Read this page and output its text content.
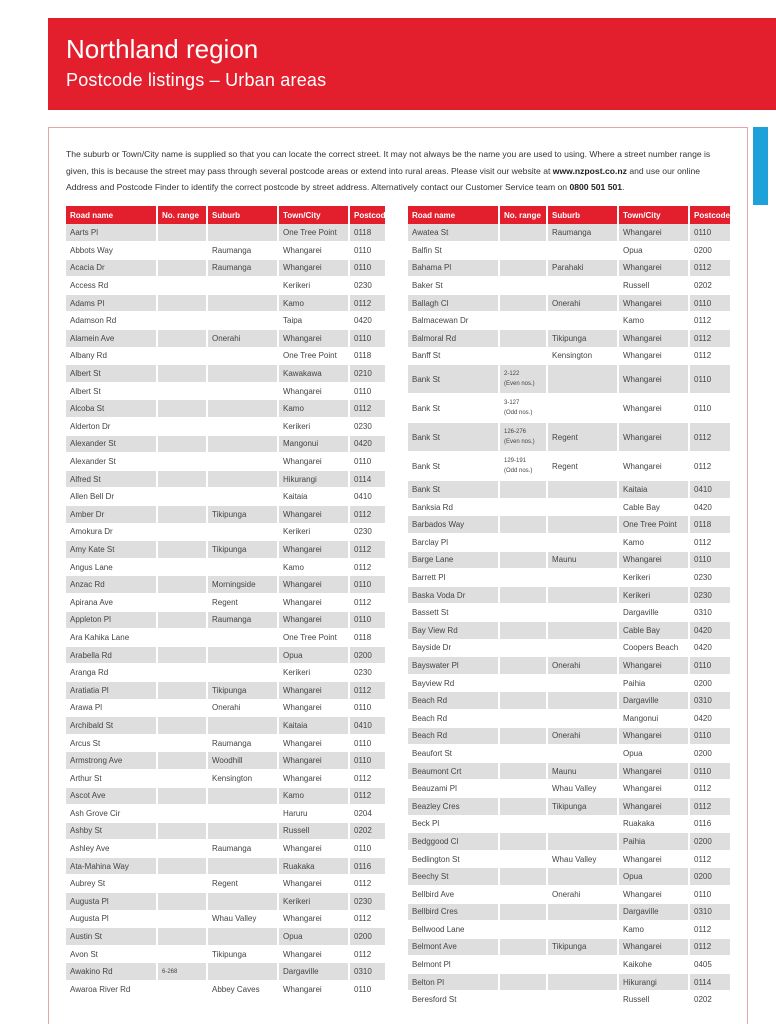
Northland region
Postcode listings – Urban areas
The suburb or Town/City name is supplied so that you can locate the correct street. It may not always be the name you are used to using. Where a street number range is given, this is because the street may pass through several postcode areas or extend into rural areas. Please visit our website at www.nzpost.co.nz and use our online Address and Postcode Finder to identify the correct postcode by street address. Alternatively contact our Customer Service team on 0800 501 501.
Road name	No. range	Suburb	Town/City	Postcode
Aarts Pl			One Tree Point	0118
Abbots Way		Raumanga	Whangarei	0110
Acacia Dr		Raumanga	Whangarei	0110
Access Rd			Kerikeri	0230
Adams Pl			Kamo	0112
Adamson Rd			Taipa	0420
Alamein Ave		Onerahi	Whangarei	0110
Albany Rd			One Tree Point	0118
Albert St			Kawakawa	0210
Albert St			Whangarei	0110
Alcoba St			Kamo	0112
Alderton Dr			Kerikeri	0230
Alexander St			Mangonui	0420
Alexander St			Whangarei	0110
Alfred St			Hikurangi	0114
Allen Bell Dr			Kaitaia	0410
Amber Dr		Tikipunga	Whangarei	0112
Amokura Dr			Kerikeri	0230
Amy Kate St		Tikipunga	Whangarei	0112
Angus Lane			Kamo	0112
Anzac Rd		Morningside	Whangarei	0110
Apirana Ave		Regent	Whangarei	0112
Appleton Pl		Raumanga	Whangarei	0110
Ara Kahika Lane			One Tree Point	0118
Arabella Rd			Opua	0200
Aranga Rd			Kerikeri	0230
Aratiatia Pl		Tikipunga	Whangarei	0112
Arawa Pl		Onerahi	Whangarei	0110
Archibald St			Kaitaia	0410
Arcus St		Raumanga	Whangarei	0110
Armstrong Ave		Woodhill	Whangarei	0110
Arthur St		Kensington	Whangarei	0112
Ascot Ave			Kamo	0112
Ash Grove Cir			Haruru	0204
Ashby St			Russell	0202
Ashley Ave		Raumanga	Whangarei	0110
Ata-Mahina Way			Ruakaka	0116
Aubrey St		Regent	Whangarei	0112
Augusta Pl			Kerikeri	0230
Augusta Pl		Whau Valley	Whangarei	0112
Austin St			Opua	0200
Avon St		Tikipunga	Whangarei	0112
Awakino Rd	6-268		Dargaville	0310
Awaroa River Rd		Abbey Caves	Whangarei	0110
Road name	No. range	Suburb	Town/City	Postcode
Awatea St		Raumanga	Whangarei	0110
Balfin St			Opua	0200
Bahama Pl		Parahaki	Whangarei	0112
Baker St			Russell	0202
Ballagh Cl		Onerahi	Whangarei	0110
Balmacewan Dr			Kamo	0112
Balmoral Rd		Tikipunga	Whangarei	0112
Banff St		Kensington	Whangarei	0112
Bank St	2-122
(Even nos.)		Whangarei	0110
Bank St	3-127
(Odd nos.)		Whangarei	0110
Bank St	126-276
(Even nos.)	Regent	Whangarei	0112
Bank St	129-191
(Odd nos.)	Regent	Whangarei	0112
Bank St			Kaitaia	0410
Banksia Rd			Cable Bay	0420
Barbados Way			One Tree Point	0118
Barclay Pl			Kamo	0112
Barge Lane		Maunu	Whangarei	0110
Barrett Pl			Kerikeri	0230
Baska Voda Dr			Kerikeri	0230
Bassett St			Dargaville	0310
Bay View Rd			Cable Bay	0420
Bayside Dr			Coopers Beach	0420
Bayswater Pl		Onerahi	Whangarei	0110
Bayview Rd			Paihia	0200
Beach Rd			Dargaville	0310
Beach Rd			Mangonui	0420
Beach Rd		Onerahi	Whangarei	0110
Beaufort St			Opua	0200
Beaumont Crt		Maunu	Whangarei	0110
Beauzami Pl		Whau Valley	Whangarei	0112
Beazley Cres		Tikipunga	Whangarei	0112
Beck Pl			Ruakaka	0116
Bedggood Cl			Paihia	0200
Bedlington St		Whau Valley	Whangarei	0112
Beechy St			Opua	0200
Bellbird Ave		Onerahi	Whangarei	0110
Bellbird Cres			Dargaville	0310
Bellwood Lane			Kamo	0112
Belmont Ave		Tikipunga	Whangarei	0112
Belmont Pl			Kaikohe	0405
Belton Pl			Hikurangi	0114
Beresford St			Russell	0202
